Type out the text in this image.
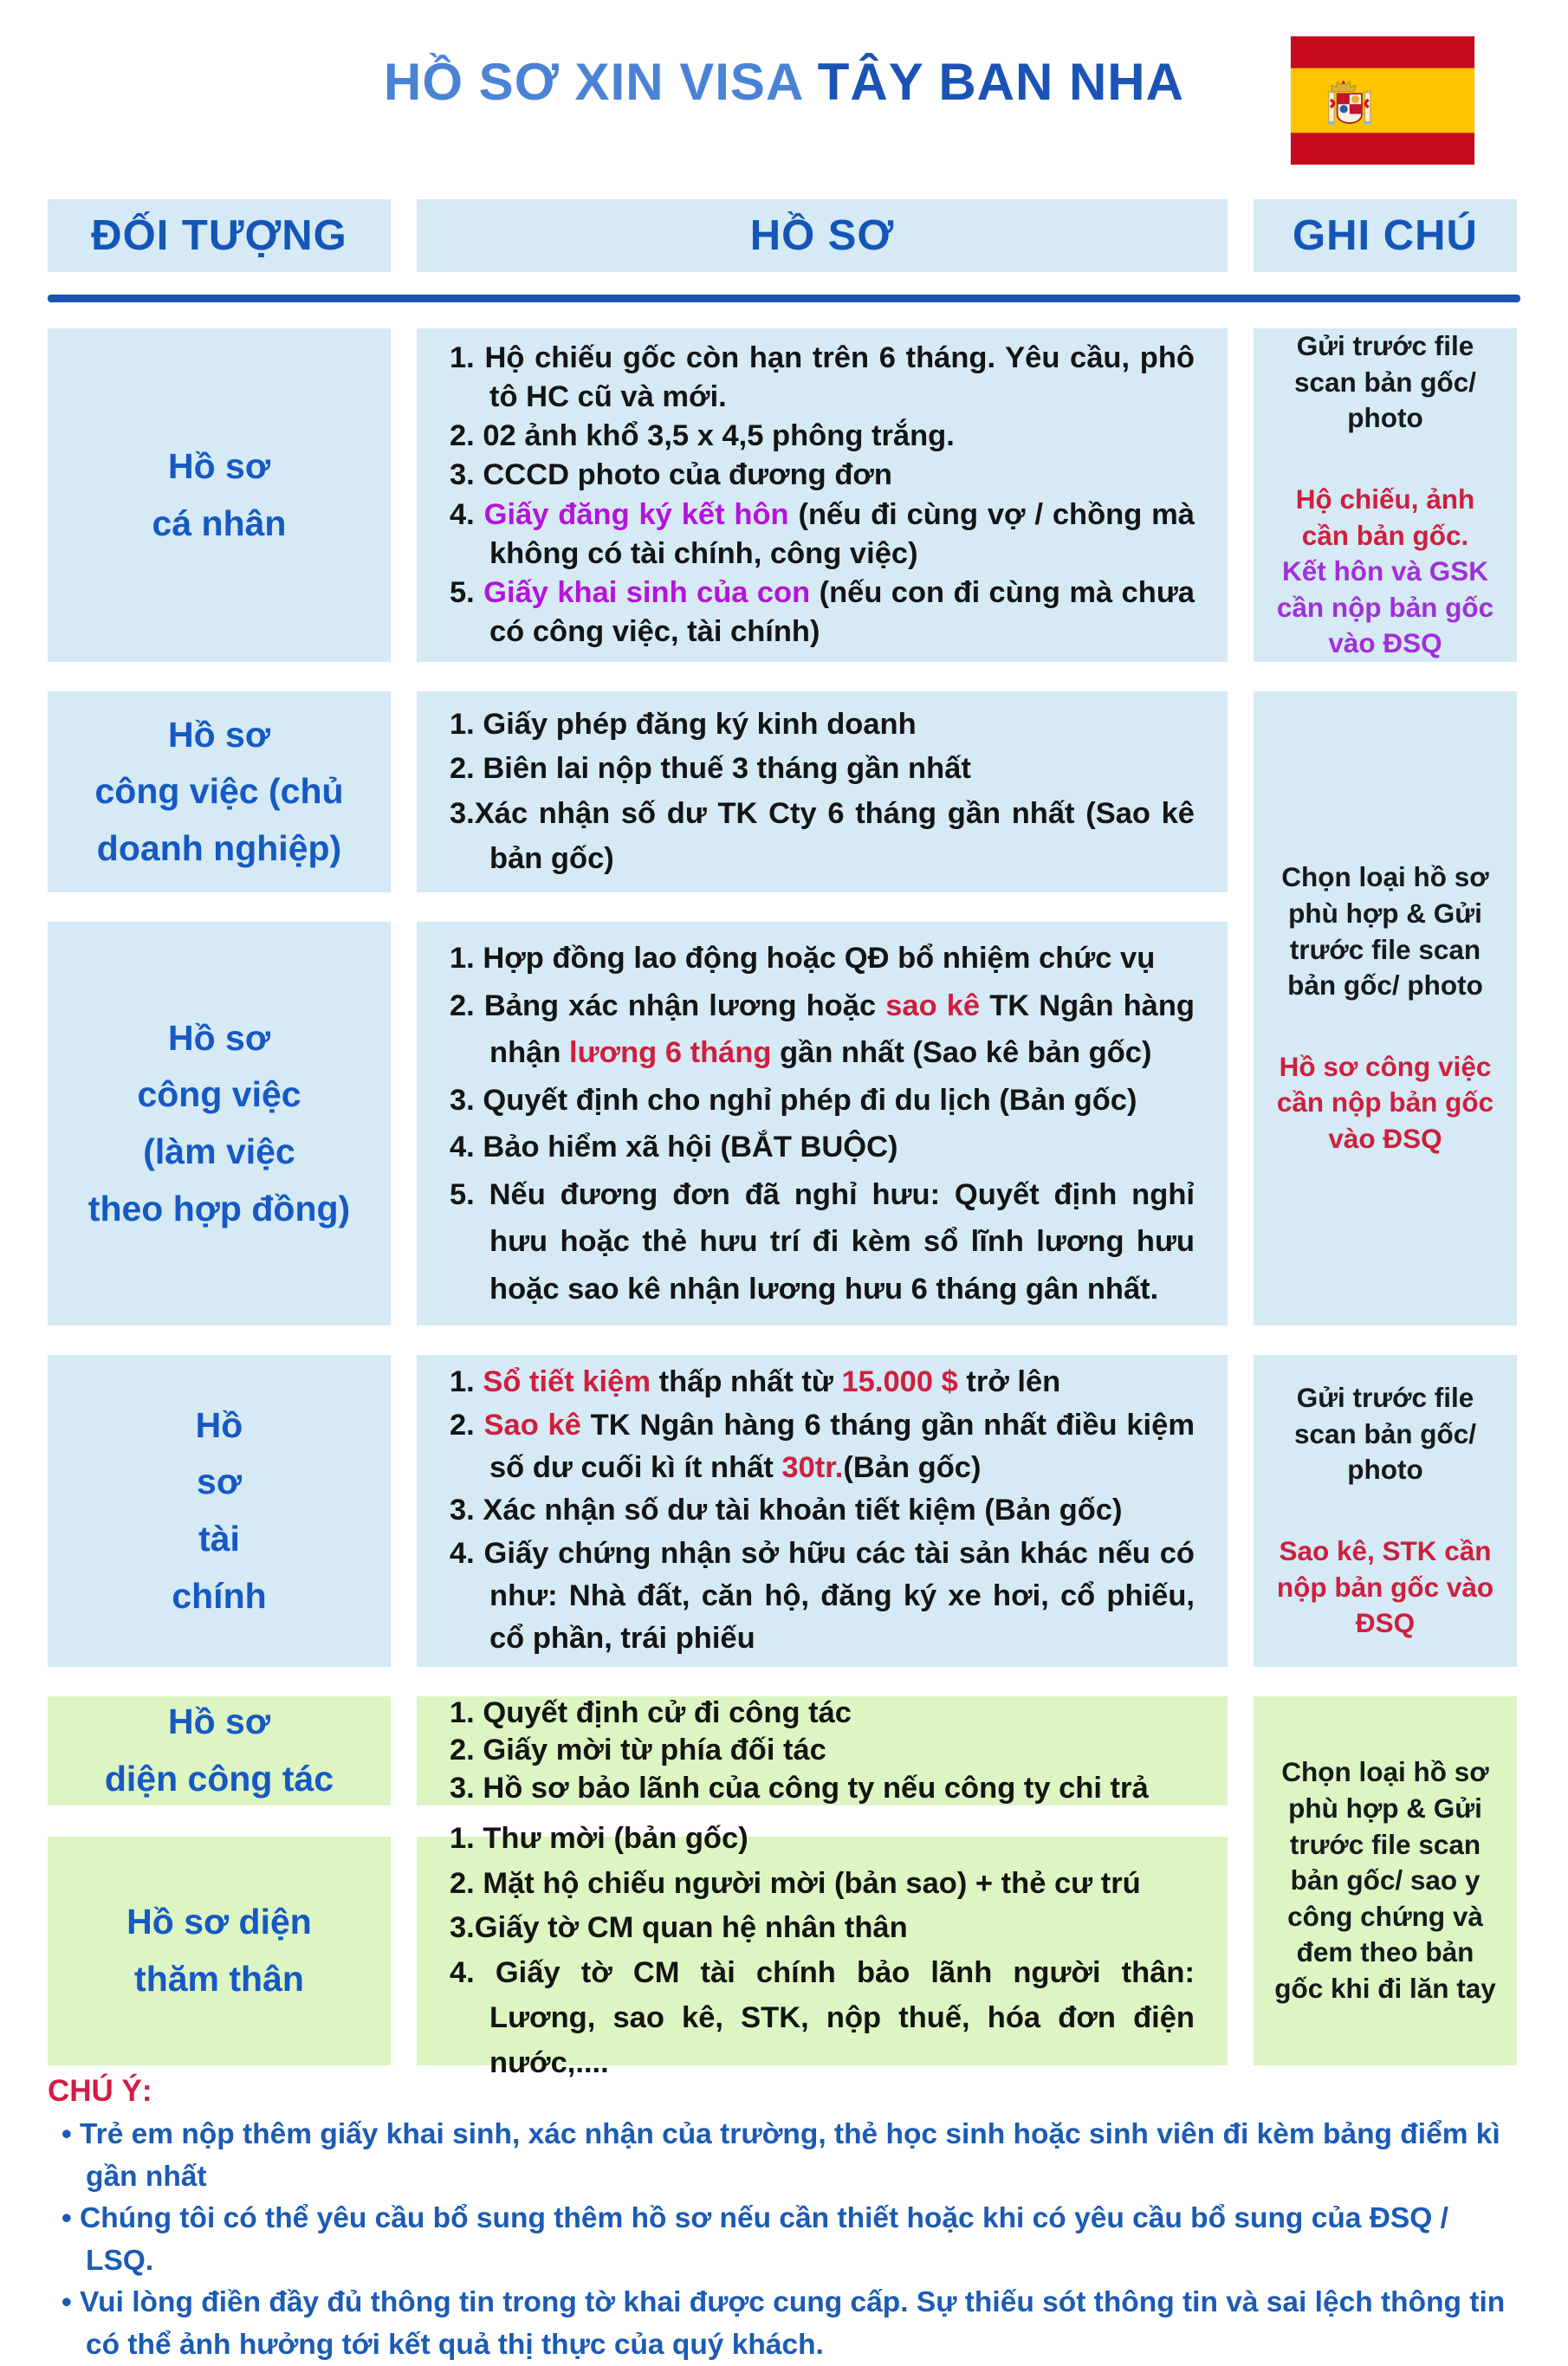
HỒ SƠ XIN VISA TÂY BAN NHA
ĐỐI TƯỢNG	HỒ SƠ	GHI CHÚ
Hồ sơ
cá nhân

1. Hộ chiếu gốc còn hạn trên 6 tháng. Yêu cầu, phô tô HC cũ và mới.

2. 02 ảnh khổ 3,5 x 4,5 phông trắng.

3. CCCD photo của đương đơn

4. Giấy đăng ký kết hôn (nếu đi cùng vợ / chồng mà không có tài chính, công việc)

5. Giấy khai sinh của con (nếu con đi cùng mà chưa có công việc, tài chính)

Hồ sơ
công việc (chủ
doanh nghiệp)

1. Giấy phép đăng ký kinh doanh

2. Biên lai nộp thuế 3 tháng gần nhất

3.Xác nhận số dư TK Cty 6 tháng gần nhất (Sao kê bản gốc)

Hồ sơ
công việc
(làm việc
theo hợp đồng)

1. Hợp đồng lao động hoặc QĐ bổ nhiệm chức vụ

2. Bảng xác nhận lương hoặc sao kê TK Ngân hàng nhận lương 6 tháng gần nhất (Sao kê bản gốc)

3. Quyết định cho nghỉ phép đi du lịch (Bản gốc)

4. Bảo hiểm xã hội (BẮT BUỘC)

5. Nếu đương đơn đã nghỉ hưu: Quyết định nghỉ hưu hoặc thẻ hưu trí đi kèm sổ lĩnh lương hưu hoặc sao kê nhận lương hưu 6 tháng gân nhất.

Hồ
sơ
tài
chính

1. Sổ tiết kiệm thấp nhất từ 15.000 $ trở lên

2. Sao kê TK Ngân hàng 6 tháng gần nhất điều kiệm số dư cuối kì ít nhất 30tr.(Bản gốc)

3. Xác nhận số dư tài khoản tiết kiệm (Bản gốc)

4. Giấy chứng nhận sở hữu các tài sản khác nếu có như: Nhà đất, căn hộ, đăng ký xe hơi, cổ phiếu, cổ phần, trái phiếu

Hồ sơ
diện công tác

1. Quyết định cử đi công tác

2. Giấy mời từ phía đối tác

3. Hồ sơ bảo lãnh của công ty nếu công ty chi trả

Hồ sơ diện
thăm thân

1. Thư mời (bản gốc)

2. Mặt hộ chiếu người mời (bản sao) + thẻ cư trú

3.Giấy tờ CM quan hệ nhân thân

4. Giấy tờ CM tài chính bảo lãnh người thân: Lương, sao kê, STK, nộp thuế, hóa đơn điện nước,....

Gửi trước file scan bản gốc/ photo

Hộ chiếu, ảnh cần bản gốc.

Kết hôn và GSK cần nộp bản gốc vào ĐSQ

Chọn loại hồ sơ phù hợp & Gửi trước file scan bản gốc/ photo

Hồ sơ công việc cần nộp bản gốc vào ĐSQ

Gửi trước file scan bản gốc/ photo

Sao kê, STK cần nộp bản gốc vào ĐSQ

Chọn loại hồ sơ phù hợp & Gửi trước file scan bản gốc/ sao y công chứng và đem theo bản gốc khi đi lăn tay

CHÚ Ý:

• Trẻ em nộp thêm giấy khai sinh, xác nhận của trường, thẻ học sinh hoặc sinh viên đi kèm bảng điểm kì gần nhất
• Chúng tôi có thể yêu cầu bổ sung thêm hồ sơ nếu cần thiết hoặc khi có yêu cầu bổ sung của ĐSQ / LSQ.
• Vui lòng điền đầy đủ thông tin trong tờ khai được cung cấp. Sự thiếu sót thông tin và sai lệch thông tin có thể ảnh hưởng tới kết quả thị thực của quý khách.
